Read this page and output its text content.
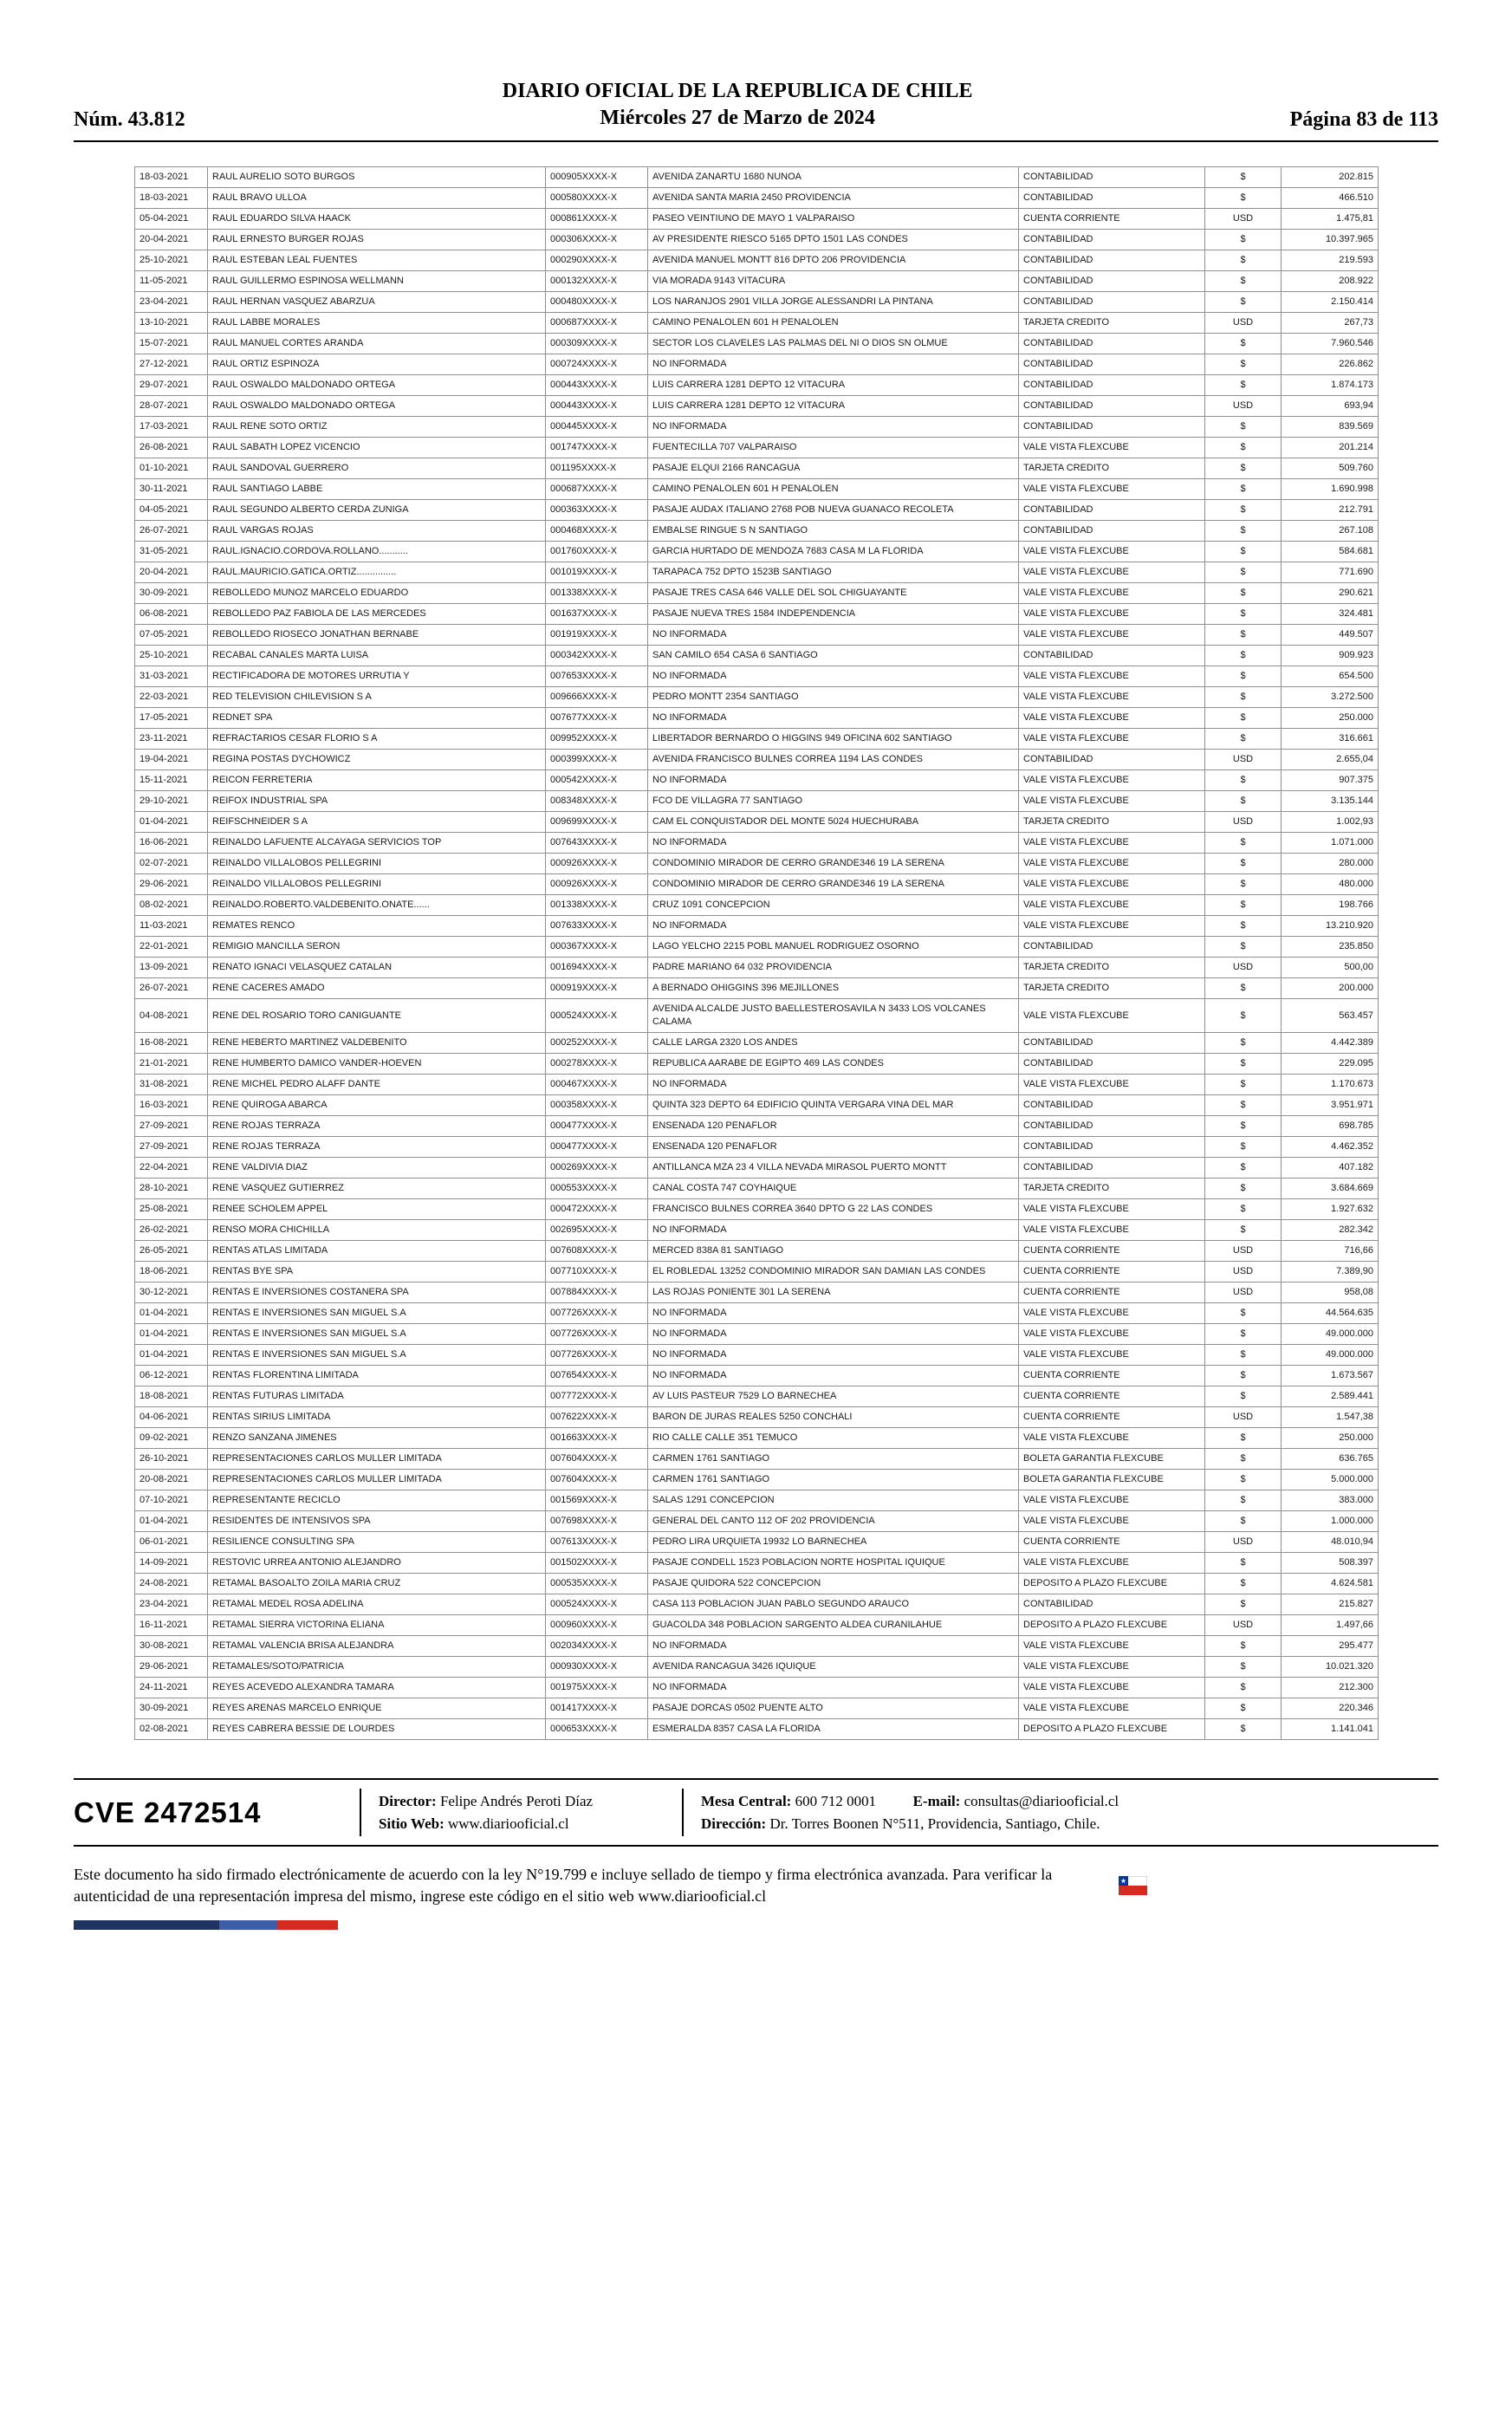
Núm. 43.812
DIARIO OFICIAL DE LA REPUBLICA DE CHILE
Miércoles 27 de Marzo de 2024	Página 83 de 113
18-03-2021	RAUL AURELIO SOTO BURGOS	000905XXXX-X	AVENIDA ZANARTU 1680 NUNOA	CONTABILIDAD	$	202.815
18-03-2021	RAUL BRAVO ULLOA	000580XXXX-X	AVENIDA SANTA MARIA 2450 PROVIDENCIA	CONTABILIDAD	$	466.510
05-04-2021	RAUL EDUARDO SILVA HAACK	000861XXXX-X	PASEO VEINTIUNO DE MAYO 1 VALPARAISO	CUENTA CORRIENTE	USD	1.475,81
20-04-2021	RAUL ERNESTO BURGER ROJAS	000306XXXX-X	AV PRESIDENTE RIESCO 5165 DPTO 1501 LAS CONDES	CONTABILIDAD	$	10.397.965
25-10-2021	RAUL ESTEBAN LEAL FUENTES	000290XXXX-X	AVENIDA MANUEL MONTT 816 DPTO 206 PROVIDENCIA	CONTABILIDAD	$	219.593
11-05-2021	RAUL GUILLERMO ESPINOSA WELLMANN	000132XXXX-X	VIA MORADA 9143 VITACURA	CONTABILIDAD	$	208.922
23-04-2021	RAUL HERNAN VASQUEZ ABARZUA	000480XXXX-X	LOS NARANJOS 2901 VILLA JORGE ALESSANDRI LA PINTANA	CONTABILIDAD	$	2.150.414
13-10-2021	RAUL LABBE MORALES	000687XXXX-X	CAMINO PENALOLEN 601 H PENALOLEN	TARJETA CREDITO	USD	267,73
15-07-2021	RAUL MANUEL CORTES ARANDA	000309XXXX-X	SECTOR LOS CLAVELES LAS PALMAS DEL NI O DIOS SN OLMUE	CONTABILIDAD	$	7.960.546
27-12-2021	RAUL ORTIZ ESPINOZA	000724XXXX-X	NO INFORMADA	CONTABILIDAD	$	226.862
29-07-2021	RAUL OSWALDO MALDONADO ORTEGA	000443XXXX-X	LUIS CARRERA 1281 DEPTO 12 VITACURA	CONTABILIDAD	$	1.874.173
28-07-2021	RAUL OSWALDO MALDONADO ORTEGA	000443XXXX-X	LUIS CARRERA 1281 DEPTO 12 VITACURA	CONTABILIDAD	USD	693,94
17-03-2021	RAUL RENE SOTO ORTIZ	000445XXXX-X	NO INFORMADA	CONTABILIDAD	$	839.569
26-08-2021	RAUL SABATH LOPEZ VICENCIO	001747XXXX-X	FUENTECILLA 707 VALPARAISO	VALE VISTA FLEXCUBE	$	201.214
01-10-2021	RAUL SANDOVAL GUERRERO	001195XXXX-X	PASAJE ELQUI 2166 RANCAGUA	TARJETA CREDITO	$	509.760
30-11-2021	RAUL SANTIAGO LABBE	000687XXXX-X	CAMINO PENALOLEN 601 H PENALOLEN	VALE VISTA FLEXCUBE	$	1.690.998
04-05-2021	RAUL SEGUNDO ALBERTO CERDA ZUNIGA	000363XXXX-X	PASAJE AUDAX ITALIANO 2768 POB NUEVA GUANACO RECOLETA	CONTABILIDAD	$	212.791
26-07-2021	RAUL VARGAS ROJAS	000468XXXX-X	EMBALSE RINGUE S N SANTIAGO	CONTABILIDAD	$	267.108
31-05-2021	RAUL.IGNACIO.CORDOVA.ROLLANO...........	001760XXXX-X	GARCIA HURTADO DE MENDOZA 7683 CASA M LA FLORIDA	VALE VISTA FLEXCUBE	$	584.681
20-04-2021	RAUL.MAURICIO.GATICA.ORTIZ...............	001019XXXX-X	TARAPACA 752 DPTO 1523B SANTIAGO	VALE VISTA FLEXCUBE	$	771.690
30-09-2021	REBOLLEDO MUNOZ MARCELO EDUARDO	001338XXXX-X	PASAJE TRES CASA 646 VALLE DEL SOL CHIGUAYANTE	VALE VISTA FLEXCUBE	$	290.621
06-08-2021	REBOLLEDO PAZ FABIOLA DE LAS MERCEDES	001637XXXX-X	PASAJE NUEVA TRES 1584 INDEPENDENCIA	VALE VISTA FLEXCUBE	$	324.481
07-05-2021	REBOLLEDO RIOSECO JONATHAN BERNABE	001919XXXX-X	NO INFORMADA	VALE VISTA FLEXCUBE	$	449.507
25-10-2021	RECABAL CANALES MARTA LUISA	000342XXXX-X	SAN CAMILO 654 CASA 6 SANTIAGO	CONTABILIDAD	$	909.923
31-03-2021	RECTIFICADORA DE MOTORES URRUTIA Y	007653XXXX-X	NO INFORMADA	VALE VISTA FLEXCUBE	$	654.500
22-03-2021	RED TELEVISION CHILEVISION S A	009666XXXX-X	PEDRO MONTT 2354 SANTIAGO	VALE VISTA FLEXCUBE	$	3.272.500
17-05-2021	REDNET SPA	007677XXXX-X	NO INFORMADA	VALE VISTA FLEXCUBE	$	250.000
23-11-2021	REFRACTARIOS CESAR FLORIO S A	009952XXXX-X	LIBERTADOR BERNARDO O HIGGINS 949 OFICINA 602 SANTIAGO	VALE VISTA FLEXCUBE	$	316.661
19-04-2021	REGINA POSTAS DYCHOWICZ	000399XXXX-X	AVENIDA FRANCISCO BULNES CORREA 1194 LAS CONDES	CONTABILIDAD	USD	2.655,04
15-11-2021	REICON FERRETERIA	000542XXXX-X	NO INFORMADA	VALE VISTA FLEXCUBE	$	907.375
29-10-2021	REIFOX INDUSTRIAL SPA	008348XXXX-X	FCO DE VILLAGRA 77 SANTIAGO	VALE VISTA FLEXCUBE	$	3.135.144
01-04-2021	REIFSCHNEIDER S A	009699XXXX-X	CAM EL CONQUISTADOR DEL MONTE 5024 HUECHURABA	TARJETA CREDITO	USD	1.002,93
16-06-2021	REINALDO LAFUENTE ALCAYAGA SERVICIOS TOP	007643XXXX-X	NO INFORMADA	VALE VISTA FLEXCUBE	$	1.071.000
02-07-2021	REINALDO VILLALOBOS PELLEGRINI	000926XXXX-X	CONDOMINIO MIRADOR DE CERRO GRANDE346 19 LA SERENA	VALE VISTA FLEXCUBE	$	280.000
29-06-2021	REINALDO VILLALOBOS PELLEGRINI	000926XXXX-X	CONDOMINIO MIRADOR DE CERRO GRANDE346 19 LA SERENA	VALE VISTA FLEXCUBE	$	480.000
08-02-2021	REINALDO.ROBERTO.VALDEBENITO.ONATE......	001338XXXX-X	CRUZ 1091 CONCEPCION	VALE VISTA FLEXCUBE	$	198.766
11-03-2021	REMATES RENCO	007633XXXX-X	NO INFORMADA	VALE VISTA FLEXCUBE	$	13.210.920
22-01-2021	REMIGIO MANCILLA SERON	000367XXXX-X	LAGO YELCHO 2215 POBL MANUEL RODRIGUEZ OSORNO	CONTABILIDAD	$	235.850
13-09-2021	RENATO IGNACI VELASQUEZ CATALAN	001694XXXX-X	PADRE MARIANO 64 032 PROVIDENCIA	TARJETA CREDITO	USD	500,00
26-07-2021	RENE CACERES AMADO	000919XXXX-X	A BERNADO OHIGGINS 396 MEJILLONES	TARJETA CREDITO	$	200.000
04-08-2021	RENE DEL ROSARIO TORO CANIGUANTE	000524XXXX-X	AVENIDA ALCALDE JUSTO BAELLESTEROSAVILA N 3433 LOS VOLCANES CALAMA	VALE VISTA FLEXCUBE	$	563.457
16-08-2021	RENE HEBERTO MARTINEZ VALDEBENITO	000252XXXX-X	CALLE LARGA 2320 LOS ANDES	CONTABILIDAD	$	4.442.389
21-01-2021	RENE HUMBERTO DAMICO VANDER-HOEVEN	000278XXXX-X	REPUBLICA AARABE DE EGIPTO 469 LAS CONDES	CONTABILIDAD	$	229.095
31-08-2021	RENE MICHEL PEDRO ALAFF DANTE	000467XXXX-X	NO INFORMADA	VALE VISTA FLEXCUBE	$	1.170.673
16-03-2021	RENE QUIROGA ABARCA	000358XXXX-X	QUINTA 323 DEPTO 64 EDIFICIO QUINTA VERGARA VINA DEL MAR	CONTABILIDAD	$	3.951.971
27-09-2021	RENE ROJAS TERRAZA	000477XXXX-X	ENSENADA 120 PENAFLOR	CONTABILIDAD	$	698.785
27-09-2021	RENE ROJAS TERRAZA	000477XXXX-X	ENSENADA 120 PENAFLOR	CONTABILIDAD	$	4.462.352
22-04-2021	RENE VALDIVIA DIAZ	000269XXXX-X	ANTILLANCA MZA 23 4 VILLA NEVADA MIRASOL PUERTO MONTT	CONTABILIDAD	$	407.182
28-10-2021	RENE VASQUEZ GUTIERREZ	000553XXXX-X	CANAL COSTA 747 COYHAIQUE	TARJETA CREDITO	$	3.684.669
25-08-2021	RENEE SCHOLEM APPEL	000472XXXX-X	FRANCISCO BULNES CORREA 3640 DPTO G 22 LAS CONDES	VALE VISTA FLEXCUBE	$	1.927.632
26-02-2021	RENSO MORA CHICHILLA	002695XXXX-X	NO INFORMADA	VALE VISTA FLEXCUBE	$	282.342
26-05-2021	RENTAS ATLAS LIMITADA	007608XXXX-X	MERCED 838A 81 SANTIAGO	CUENTA CORRIENTE	USD	716,66
18-06-2021	RENTAS BYE SPA	007710XXXX-X	EL ROBLEDAL 13252 CONDOMINIO MIRADOR SAN DAMIAN LAS CONDES	CUENTA CORRIENTE	USD	7.389,90
30-12-2021	RENTAS E INVERSIONES COSTANERA SPA	007884XXXX-X	LAS ROJAS PONIENTE 301 LA SERENA	CUENTA CORRIENTE	USD	958,08
01-04-2021	RENTAS E INVERSIONES SAN MIGUEL S.A	007726XXXX-X	NO INFORMADA	VALE VISTA FLEXCUBE	$	44.564.635
01-04-2021	RENTAS E INVERSIONES SAN MIGUEL S.A	007726XXXX-X	NO INFORMADA	VALE VISTA FLEXCUBE	$	49.000.000
01-04-2021	RENTAS E INVERSIONES SAN MIGUEL S.A	007726XXXX-X	NO INFORMADA	VALE VISTA FLEXCUBE	$	49.000.000
06-12-2021	RENTAS FLORENTINA LIMITADA	007654XXXX-X	NO INFORMADA	CUENTA CORRIENTE	$	1.673.567
18-08-2021	RENTAS FUTURAS LIMITADA	007772XXXX-X	AV LUIS PASTEUR 7529 LO BARNECHEA	CUENTA CORRIENTE	$	2.589.441
04-06-2021	RENTAS SIRIUS LIMITADA	007622XXXX-X	BARON DE JURAS REALES 5250 CONCHALI	CUENTA CORRIENTE	USD	1.547,38
09-02-2021	RENZO SANZANA JIMENES	001663XXXX-X	RIO CALLE CALLE 351 TEMUCO	VALE VISTA FLEXCUBE	$	250.000
26-10-2021	REPRESENTACIONES CARLOS MULLER LIMITADA	007604XXXX-X	CARMEN 1761 SANTIAGO	BOLETA GARANTIA FLEXCUBE	$	636.765
20-08-2021	REPRESENTACIONES CARLOS MULLER LIMITADA	007604XXXX-X	CARMEN 1761 SANTIAGO	BOLETA GARANTIA FLEXCUBE	$	5.000.000
07-10-2021	REPRESENTANTE RECICLO	001569XXXX-X	SALAS 1291 CONCEPCION	VALE VISTA FLEXCUBE	$	383.000
01-04-2021	RESIDENTES DE INTENSIVOS SPA	007698XXXX-X	GENERAL DEL CANTO 112 OF 202 PROVIDENCIA	VALE VISTA FLEXCUBE	$	1.000.000
06-01-2021	RESILIENCE CONSULTING SPA	007613XXXX-X	PEDRO LIRA URQUIETA 19932 LO BARNECHEA	CUENTA CORRIENTE	USD	48.010,94
14-09-2021	RESTOVIC URREA ANTONIO ALEJANDRO	001502XXXX-X	PASAJE CONDELL 1523 POBLACION NORTE HOSPITAL IQUIQUE	VALE VISTA FLEXCUBE	$	508.397
24-08-2021	RETAMAL BASOALTO ZOILA MARIA CRUZ	000535XXXX-X	PASAJE QUIDORA 522 CONCEPCION	DEPOSITO A PLAZO FLEXCUBE	$	4.624.581
23-04-2021	RETAMAL MEDEL ROSA ADELINA	000524XXXX-X	CASA 113 POBLACION JUAN PABLO SEGUNDO ARAUCO	CONTABILIDAD	$	215.827
16-11-2021	RETAMAL SIERRA VICTORINA ELIANA	000960XXXX-X	GUACOLDA 348 POBLACION SARGENTO ALDEA CURANILAHUE	DEPOSITO A PLAZO FLEXCUBE	USD	1.497,66
30-08-2021	RETAMAL VALENCIA BRISA ALEJANDRA	002034XXXX-X	NO INFORMADA	VALE VISTA FLEXCUBE	$	295.477
29-06-2021	RETAMALES/SOTO/PATRICIA	000930XXXX-X	AVENIDA RANCAGUA 3426 IQUIQUE	VALE VISTA FLEXCUBE	$	10.021.320
24-11-2021	REYES ACEVEDO ALEXANDRA TAMARA	001975XXXX-X	NO INFORMADA	VALE VISTA FLEXCUBE	$	212.300
30-09-2021	REYES ARENAS MARCELO ENRIQUE	001417XXXX-X	PASAJE DORCAS 0502 PUENTE ALTO	VALE VISTA FLEXCUBE	$	220.346
02-08-2021	REYES CABRERA BESSIE DE LOURDES	000653XXXX-X	ESMERALDA 8357 CASA LA FLORIDA	DEPOSITO A PLAZO FLEXCUBE	$	1.141.041
CVE 2472514	Director: Felipe Andrés Peroti Díaz
Sitio Web: www.diariooficial.cl
Mesa Central: 600 712 0001	E-mail: consultas@diariooficial.cl
Dirección: Dr. Torres Boonen N°511, Providencia, Santiago, Chile.
Este documento ha sido firmado electrónicamente de acuerdo con la ley N°19.799 e incluye sellado de tiempo y firma electrónica avanzada. Para verificar la autenticidad de una representación impresa del mismo, ingrese este código en el sitio web www.diariooficial.cl
